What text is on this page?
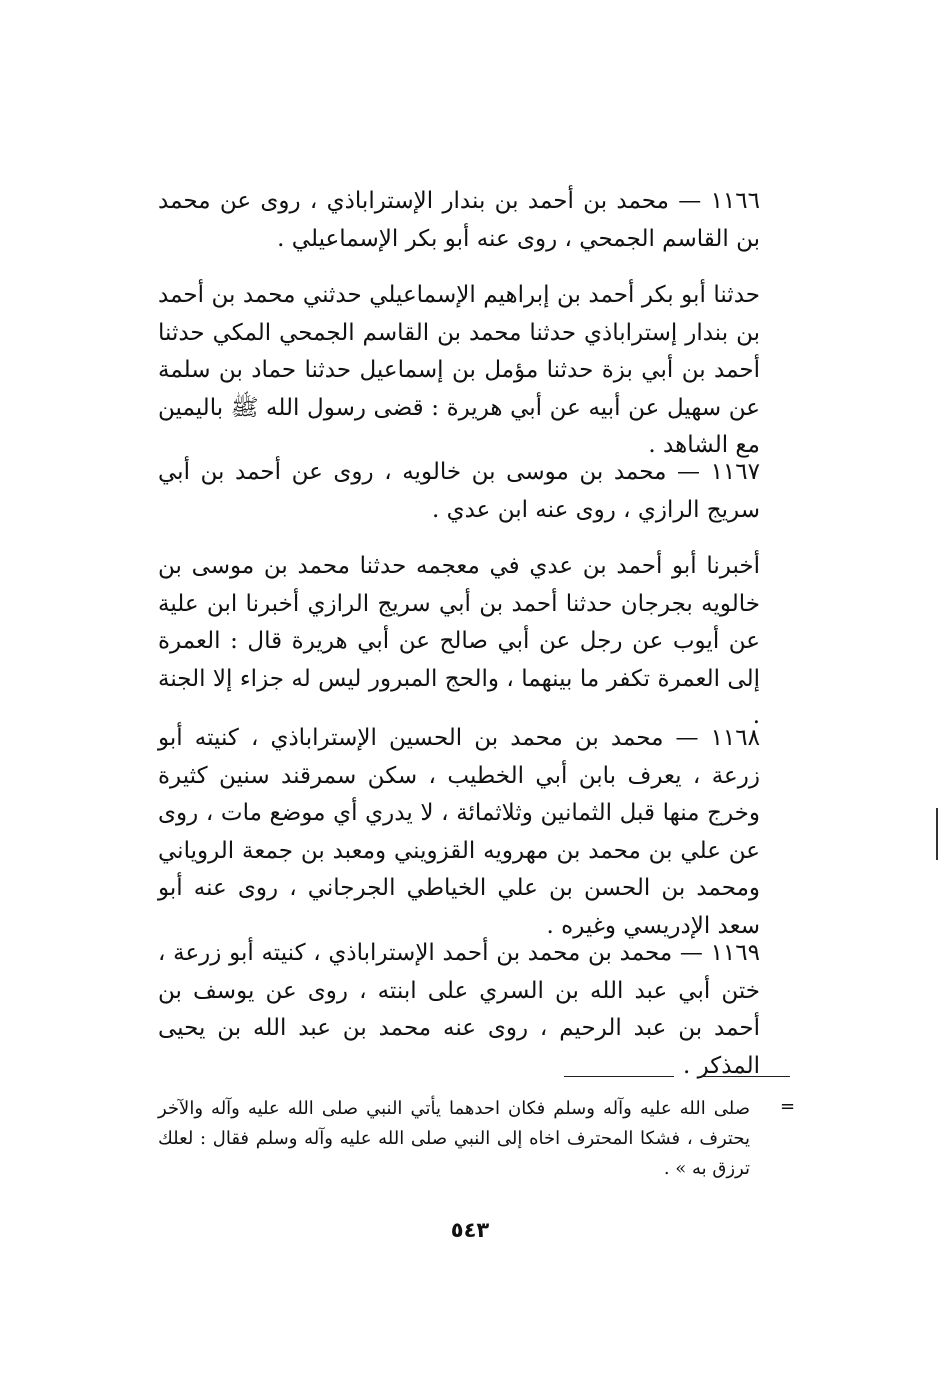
١١٦٦ — محمد بن أحمد بن بندار الإستراباذي ، روى عن محمد بن القاسم الجمحي ، روى عنه أبو بكر الإسماعيلي .

حدثنا أبو بكر أحمد بن إبراهيم الإسماعيلي حدثني محمد بن أحمد بن بندار إستراباذي حدثنا محمد بن القاسم الجمحي المكي حدثنا أحمد بن أبي بزة حدثنا مؤمل بن إسماعيل حدثنا حماد بن سلمة عن سهيل عن أبيه عن أبي هريرة : قضى رسول الله ﷺ باليمين مع الشاهد .

١١٦٧ — محمد بن موسى بن خالويه ، روى عن أحمد بن أبي سريج الرازي ، روى عنه ابن عدي .

أخبرنا أبو أحمد بن عدي في معجمه حدثنا محمد بن موسى بن خالويه بجرجان حدثنا أحمد بن أبي سريج الرازي أخبرنا ابن علية عن أيوب عن رجل عن أبي صالح عن أبي هريرة قال : العمرة إلى العمرة تكفر ما بينهما ، والحج المبرور ليس له جزاء إلا الجنة .

١١٦٨ — محمد بن محمد بن الحسين الإستراباذي ، كنيته أبو زرعة ، يعرف بابن أبي الخطيب ، سكن سمرقند سنين كثيرة وخرج منها قبل الثمانين وثلاثمائة ، لا يدري أي موضع مات ، روى عن علي بن محمد بن مهرويه القزويني ومعبد بن جمعة الروياني ومحمد بن الحسن بن علي الخياطي الجرجاني ، روى عنه أبو سعد الإدريسي وغيره .

١١٦٩ — محمد بن محمد بن أحمد الإستراباذي ، كنيته أبو زرعة ، ختن أبي عبد الله بن السري على ابنته ، روى عن يوسف بن أحمد بن عبد الرحيم ، روى عنه محمد بن عبد الله بن يحيى المذكر .

=

صلى الله عليه وآله وسلم فكان احدهما يأتي النبي صلى الله عليه وآله والآخر يحترف ، فشكا المحترف اخاه إلى النبي صلى الله عليه وآله وسلم فقال : لعلك ترزق به » .

٥٤٣
